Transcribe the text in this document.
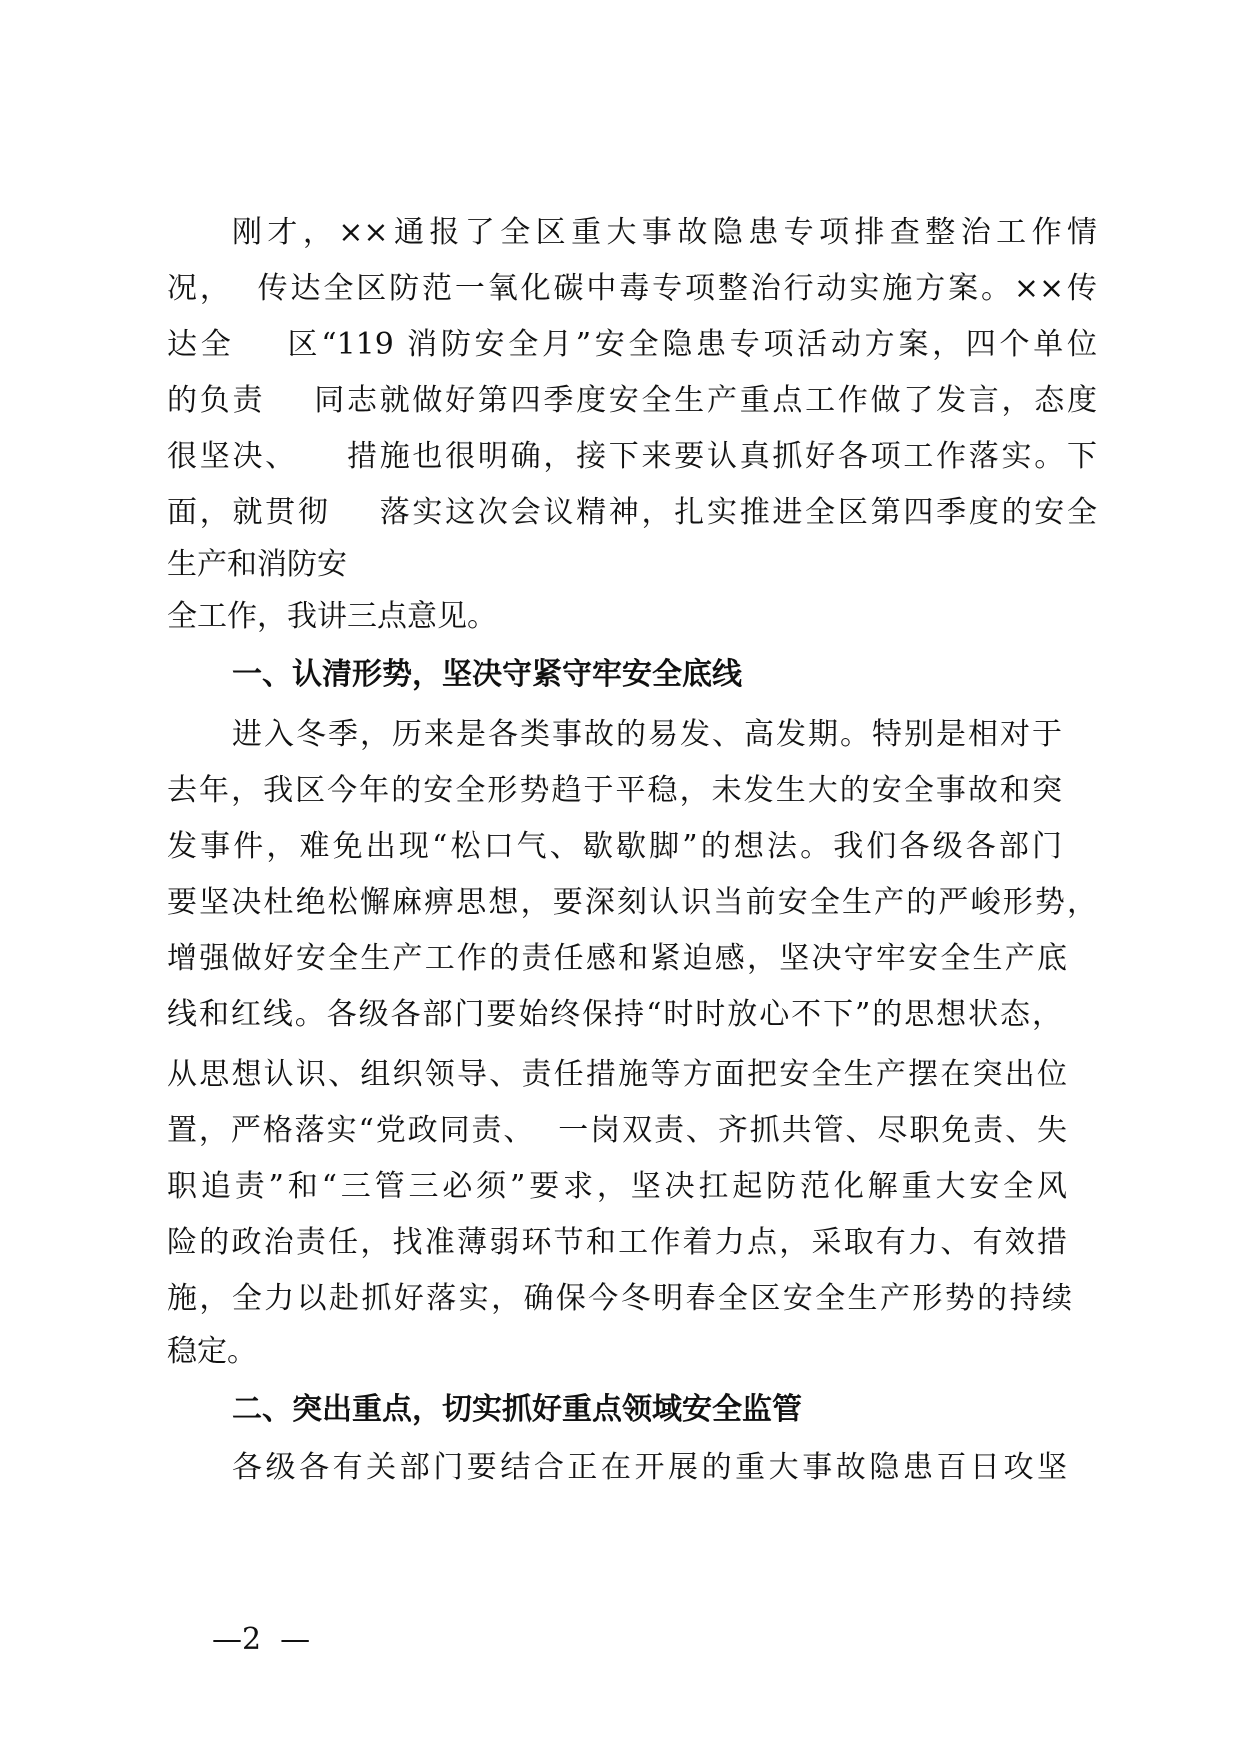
刚才，××通报了全区重大事故隐患专项排查整治工作情

况，  传达全区防范一氧化碳中毒专项整治行动实施方案。××传

达全    区“119 消防安全月”安全隐患专项活动方案，四个单位

的负责    同志就做好第四季度安全生产重点工作做了发言，态度

很坚决、    措施也很明确，接下来要认真抓好各项工作落实。下

面，就贯彻    落实这次会议精神，扎实推进全区第四季度的安全

生产和消防安

全工作，我讲三点意见。

一、认清形势，坚决守紧守牢安全底线

进入冬季，历来是各类事故的易发、高发期。特别是相对于

去年，我区今年的安全形势趋于平稳，未发生大的安全事故和突

发事件，难免出现“松口气、歇歇脚”的想法。我们各级各部门

要坚决杜绝松懈麻痹思想，要深刻认识当前安全生产的严峻形势，

增强做好安全生产工作的责任感和紧迫感，坚决守牢安全生产底

线和红线。各级各部门要始终保持“时时放心不下”的思想状态，

从思想认识、组织领导、责任措施等方面把安全生产摆在突出位

置，严格落实“党政同责、  一岗双责、齐抓共管、尽职免责、失

职追责”和“三管三必须”要求，坚决扛起防范化解重大安全风

险的政治责任，找准薄弱环节和工作着力点，采取有力、有效措

施，全力以赴抓好落实，确保今冬明春全区安全生产形势的持续

稳定。

二、突出重点，切实抓好重点领域安全监管

各级各有关部门要结合正在开展的重大事故隐患百日攻坚

—2  —
